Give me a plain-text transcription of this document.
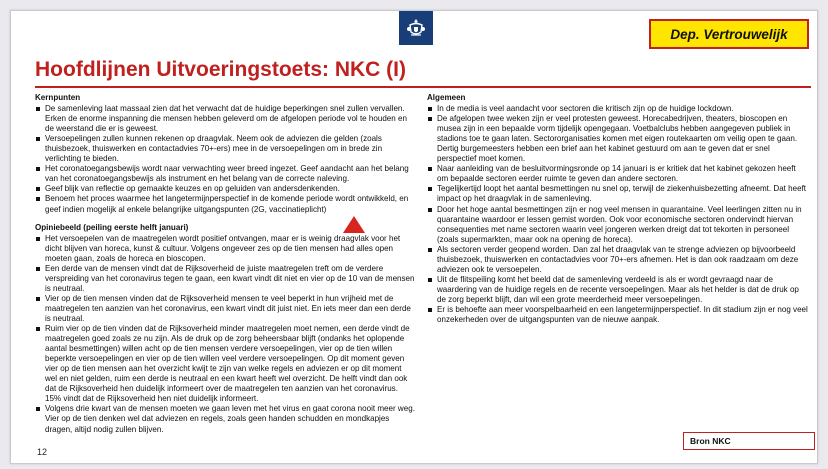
Dep. Vertrouwelijk
Hoofdlijnen Uitvoeringstoets: NKC (I)
Kernpunten
De samenleving laat massaal zien dat het verwacht dat de huidige beperkingen snel zullen vervallen. Erken de enorme inspanning die mensen hebben geleverd om de afgelopen periode vol te houden en de weerstand die er is geweest.
Versoepelingen zullen kunnen rekenen op draagvlak. Neem ook de adviezen die gelden (zoals thuisbezoek, thuiswerken en contactadvies 70+-ers) mee in de versoepelingen om in brede zin verlichting te bieden.
Het coronatoegangsbewijs wordt naar verwachting weer breed ingezet. Geef aandacht aan het belang van het coronatoegangsbewijs als instrument en het belang van de correcte naleving.
Geef blijk van reflectie op gemaakte keuzes en op geluiden van andersdenkenden.
Benoem het proces waarmee het langetermijnperspectief in de komende periode wordt ontwikkeld, en geef indien mogelijk al enkele belangrijke uitgangspunten (2G, vaccinatieplicht)
Opiniebeeld (peiling eerste helft januari)
Het versoepelen van de maatregelen wordt positief ontvangen, maar er is weinig draagvlak voor het dicht blijven van horeca, kunst & cultuur. Volgens ongeveer zes op de tien mensen had alles open moeten gaan, zoals de horeca en bioscopen.
Een derde van de mensen vindt dat de Rijksoverheid de juiste maatregelen treft om de verdere verspreiding van het coronavirus tegen te gaan, een kwart vindt dit niet en vier op de 10 van de mensen is neutraal.
Vier op de tien mensen vinden dat de Rijksoverheid mensen te veel beperkt in hun vrijheid met de maatregelen ten aanzien van het coronavirus, een kwart vindt dit juist niet. En iets meer dan een derde is neutraal.
Ruim vier op de tien vinden dat de Rijksoverheid minder maatregelen moet nemen, een derde vindt de maatregelen goed zoals ze nu zijn. Als de druk op de zorg beheersbaar blijft (ondanks het oplopende aantal besmettingen) willen acht op de tien mensen verdere versoepelingen, vier op de tien willen beperkte versoepelingen en vier op de tien willen veel verdere versoepelingen. Op dit moment geven vier op de tien mensen aan het overzicht kwijt te zijn van welke regels en adviezen er op dit moment wel en niet gelden, ruim een derde is neutraal en een kwart heeft wel overzicht. De helft vindt dan ook dat de Rijksoverheid hen duidelijk informeert over de maatregelen ten aanzien van het coronavirus. 15% vindt dat de Rijksoverheid hen niet duidelijk informeert.
Volgens drie kwart van de mensen moeten we gaan leven met het virus en gaat corona nooit meer weg. Vier op de tien denken wel dat adviezen en regels, zoals geen handen schudden en mondkapjes dragen, altijd nodig zullen blijven.
Algemeen
In de media is veel aandacht voor sectoren die kritisch zijn op de huidige lockdown.
De afgelopen twee weken zijn er veel protesten geweest. Horecabedrijven, theaters, bioscopen en musea zijn in een bepaalde vorm tijdelijk opengegaan. Voetbalclubs hebben aangegeven publiek in stadions toe te gaan laten. Sectororganisaties komen met eigen routekaarten om veilig open te gaan. Dertig burgemeesters hebben een brief aan het kabinet gestuurd om aan te geven dat er snel perspectief moet komen.
Naar aanleiding van de besluitvormingsronde op 14 januari is er kritiek dat het kabinet gekozen heeft om bepaalde sectoren eerder ruimte te geven dan andere sectoren.
Tegelijkertijd loopt het aantal besmettingen nu snel op, terwijl de ziekenhuisbezetting afneemt. Dat heeft impact op het draagvlak in de samenleving.
Door het hoge aantal besmettingen zijn er nog veel mensen in quarantaine. Veel leerlingen zitten nu in quarantaine waardoor er lessen gemist worden. Ook voor economische sectoren ondervindt hiervan consequenties met name sectoren waarin veel jongeren werken dreigt dat tot tekorten in personeel (zoals supermarkten, maar ook na opening de horeca).
Als sectoren verder geopend worden. Dan zal het draagvlak van te strenge adviezen op bijvoorbeeld thuisbezoek, thuiswerken en contactadvies voor 70+-ers afnemen. Het is dan ook raadzaam om deze adviezen ook te versoepelen.
Uit de flitspeiling komt het beeld dat de samenleving verdeeld is als er wordt gevraagd naar de waardering van de huidige regels en de recente versoepelingen. Maar als het helder is dat de druk op de zorg beperkt blijft, dan wil een grote meerderheid meer versoepelingen.
Er is behoefte aan meer voorspelbaarheid en een langetermijnperspectief. In dit stadium zijn er nog veel onzekerheden over de uitgangspunten van de nieuwe aanpak.
12
Bron NKC
